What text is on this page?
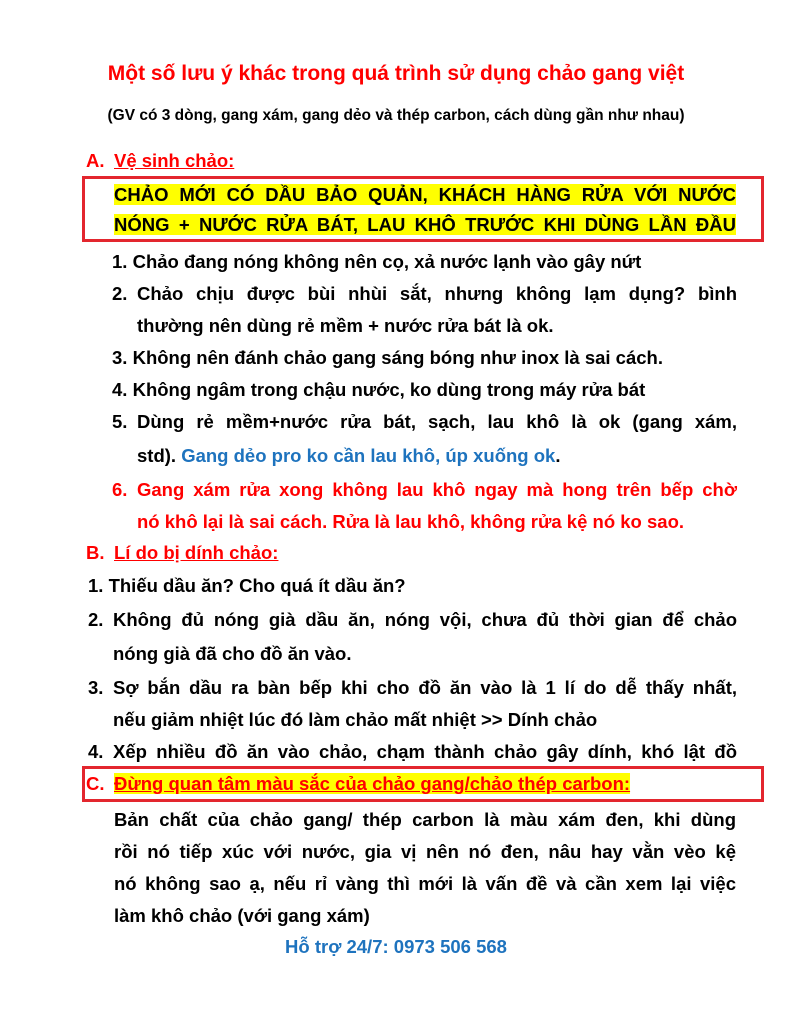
Một số lưu ý khác trong quá trình sử dụng chảo gang việt
(GV có 3 dòng, gang xám, gang dẻo và thép carbon, cách dùng gần như nhau)
A. Vệ sinh chảo:
CHẢO MỚI CÓ DẦU BẢO QUẢN, KHÁCH HÀNG RỬA VỚI NƯỚC
NÓNG + NƯỚC RỬA BÁT, LAU KHÔ TRƯỚC KHI DÙNG LẦN ĐẦU
1. Chảo đang nóng không nên cọ, xả nước lạnh vào gây nứt
2. Chảo chịu được bùi nhùi sắt, nhưng không lạm dụng? bình
thường nên dùng rẻ mềm + nước rửa bát là ok.
3. Không nên đánh chảo gang sáng bóng như inox là sai cách.
4. Không ngâm trong chậu nước, ko dùng trong máy rửa bát
5. Dùng rẻ mềm+nước rửa bát, sạch, lau khô là ok (gang xám,
std). Gang dẻo pro ko cần lau khô, úp xuống ok.
6. Gang xám rửa xong không lau khô ngay mà hong trên bếp chờ
nó khô lại là sai cách. Rửa là lau khô, không rửa kệ nó ko sao.
B. Lí do bị dính chảo:
1. Thiếu dầu ăn? Cho quá ít dầu ăn?
2. Không đủ nóng già dầu ăn, nóng vội, chưa đủ thời gian để chảo
nóng già đã cho đồ ăn vào.
3. Sợ bắn dầu ra bàn bếp khi cho đồ ăn vào là 1 lí do dễ thấy nhất,
nếu giảm nhiệt lúc đó làm chảo mất nhiệt >> Dính chảo
4. Xếp nhiều đồ ăn vào chảo, chạm thành chảo gây dính, khó lật đồ
C. Đừng quan tâm màu sắc của chảo gang/chảo thép carbon:
Bản chất của chảo gang/ thép carbon là màu xám đen, khi dùng
rồi nó tiếp xúc với nước, gia vị nên nó đen, nâu hay vằn vèo kệ
nó không sao ạ, nếu rỉ vàng thì mới là vấn đề và cần xem lại việc
làm khô chảo (với gang xám)
Hỗ trợ 24/7: 0973 506 568
